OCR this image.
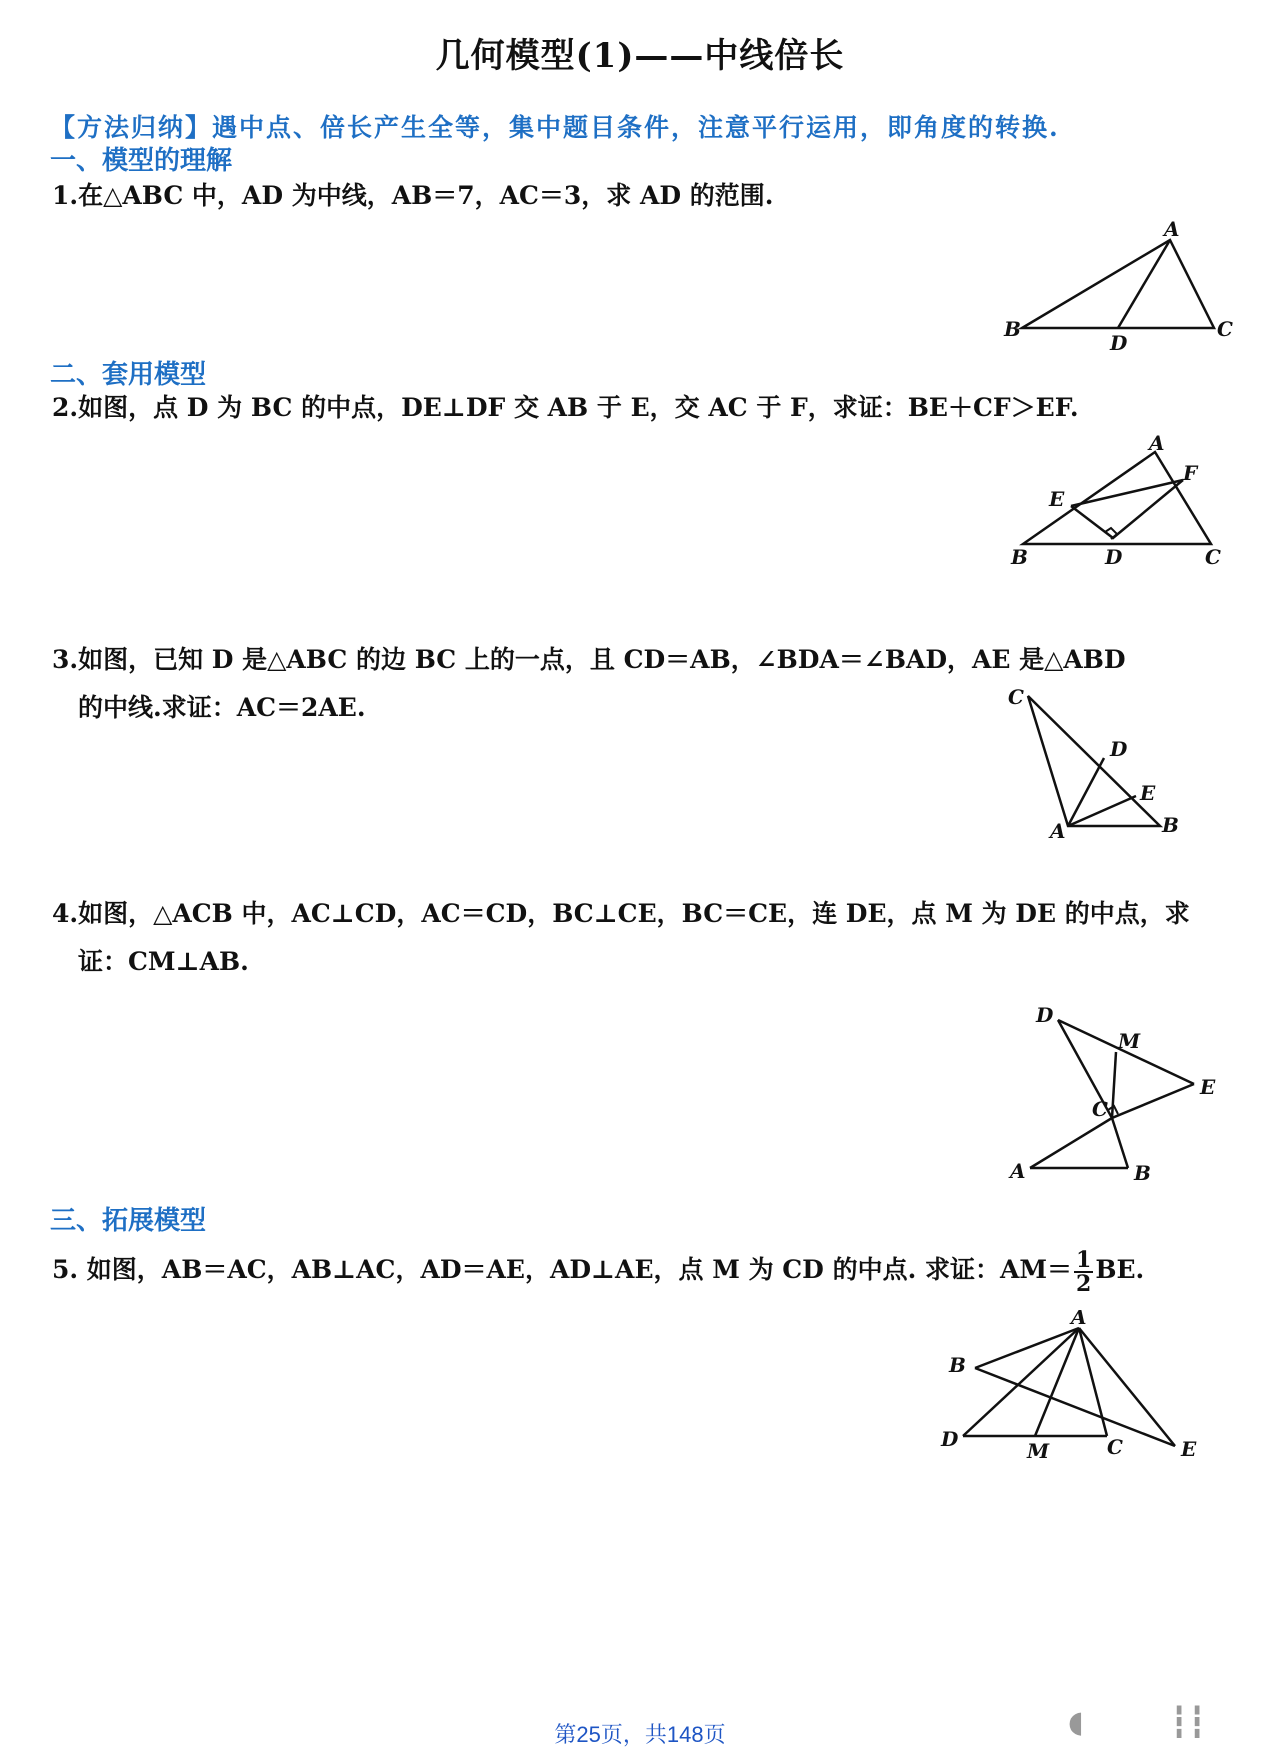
几何模型(1)——中线倍长
【方法归纳】遇中点、倍长产生全等，集中题目条件，注意平行运用，即角度的转换.
一、模型的理解
1.在△ABC 中，AD 为中线，AB＝7，AC＝3，求 AD 的范围.
A
B	C
D
二、套用模型
2.如图，点 D 为 BC 的中点，DE⊥DF 交 AB 于 E，交 AC 于 F，求证：BE＋CF＞EF.
A
B	C
D
E
F
3.如图，已知 D 是△ABC 的边 BC 上的一点，且 CD＝AB，∠BDA＝∠BAD，AE 是△ABD
的中线.求证：AC＝2AE.	C
D
E
A	B
4.如图，△ACB 中，AC⊥CD，AC＝CD，BC⊥CE，BC＝CE，连 DE，点 M 为 DE 的中点，求
证：CM⊥AB.
D
M
E
C
A	B
三、拓展模型
5. 如图，AB＝AC，AB⊥AC，AD＝AE，AD⊥AE，点 M 为 CD 的中点. 求证：$AM= \frac{1}{2}$ BE.
A
B
D	M	C	E
◖	┇┇
第25页，共148页
